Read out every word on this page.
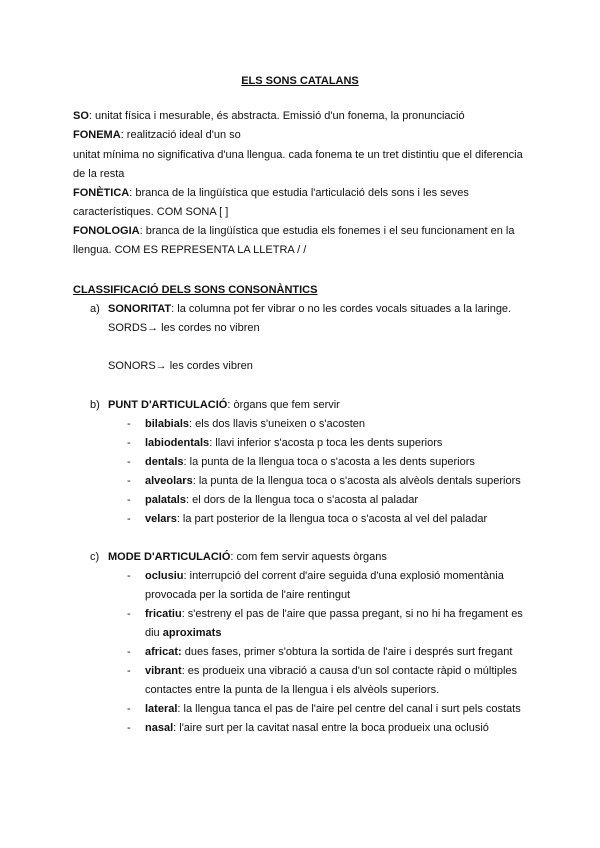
ELS SONS CATALANS
SO: unitat física i mesurable, és abstracta. Emissió d'un fonema, la pronunciació
FONEMA: realització ideal d'un so
unitat mínima no significativa d'una llengua. cada fonema te un tret distintiu que el diferencia
de la resta
FONÈTICA: branca de la lingüística que estudia l'articulació dels sons i les seves
característiques. COM SONA [ ]
FONOLOGIA: branca de la lingüística que estudia els fonemes i el seu funcionament en la
llengua. COM ES REPRESENTA LA LLETRA / /
CLASSIFICACIÓ DELS SONS CONSONÀNTICS
a) SONORITAT: la columna pot fer vibrar o no les cordes vocals situades a la laringe.
SORDS→ les cordes no vibren
SONORS→ les cordes vibren
b) PUNT D'ARTICULACIÓ: òrgans que fem servir
- bilabials: els dos llavis s'uneixen o s'acosten
- labiodentals: llavi inferior s'acosta p toca les dents superiors
- dentals: la punta de la llengua toca o s'acosta a les dents superiors
- alveolars: la punta de la llengua toca o s'acosta als alvèols dentals superiors
- palatals: el dors de la llengua toca o s'acosta al paladar
- velars: la part posterior de la llengua toca o s'acosta al vel del paladar
c) MODE D'ARTICULACIÓ: com fem servir aquests òrgans
- oclusiu: interrupció del corrent d'aire seguida d'una explosió momentània
provocada per la sortida de l'aire rentingut
- fricatiu: s'estreny el pas de l'aire que passa pregant, si no hi ha fregament es
diu aproximats
- africat: dues fases, primer s'obtura la sortida de l'aire i després surt fregant
- vibrant: es produeix una vibració a causa d'un sol contacte ràpid o múltiples
contactes entre la punta de la llengua i els alvèols superiors.
- lateral: la llengua tanca el pas de l'aire pel centre del canal i surt pels costats
- nasal: l'aire surt per la cavitat nasal entre la boca produeix una oclusió
